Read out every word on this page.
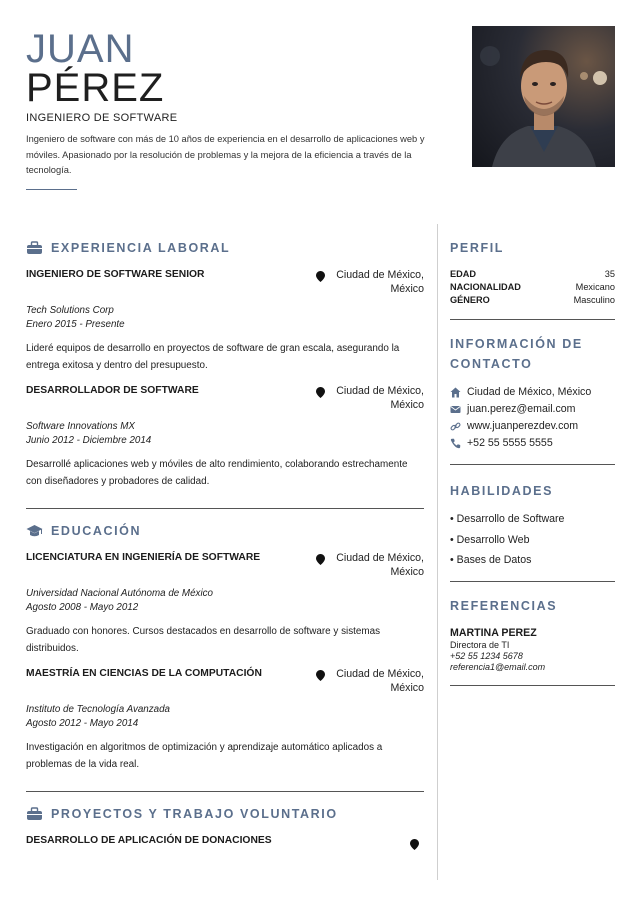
JUAN
PÉREZ
INGENIERO DE SOFTWARE
Ingeniero de software con más de 10 años de experiencia en el desarrollo de aplicaciones web y móviles. Apasionado por la resolución de problemas y la mejora de la eficiencia a través de la tecnología.
EXPERIENCIA LABORAL
INGENIERO DE SOFTWARE SENIOR	Ciudad de México, México
Tech Solutions Corp
Enero 2015 - Presente
Lideré equipos de desarrollo en proyectos de software de gran escala, asegurando la entrega exitosa y dentro del presupuesto.
DESARROLLADOR DE SOFTWARE	Ciudad de México, México
Software Innovations MX
Junio 2012 - Diciembre 2014
Desarrollé aplicaciones web y móviles de alto rendimiento, colaborando estrechamente con diseñadores y probadores de calidad.
EDUCACIÓN
LICENCIATURA EN INGENIERÍA DE SOFTWARE	Ciudad de México, México
Universidad Nacional Autónoma de México
Agosto 2008 - Mayo 2012
Graduado con honores. Cursos destacados en desarrollo de software y sistemas distribuidos.
MAESTRÍA EN CIENCIAS DE LA COMPUTACIÓN	Ciudad de México, México
Instituto de Tecnología Avanzada
Agosto 2012 - Mayo 2014
Investigación en algoritmos de optimización y aprendizaje automático aplicados a problemas de la vida real.
PROYECTOS Y TRABAJO VOLUNTARIO
DESARROLLO DE APLICACIÓN DE DONACIONES
PERFIL
EDAD	35
NACIONALIDAD	Mexicano
GÉNERO	Masculino
INFORMACIÓN DE CONTACTO
Ciudad de México, México
juan.perez@email.com
www.juanperezdev.com
+52 55 5555 5555
HABILIDADES
• Desarrollo de Software
• Desarrollo Web
• Bases de Datos
REFERENCIAS
MARTINA PEREZ
Directora de TI
+52 55 1234 5678
referencia1@email.com
